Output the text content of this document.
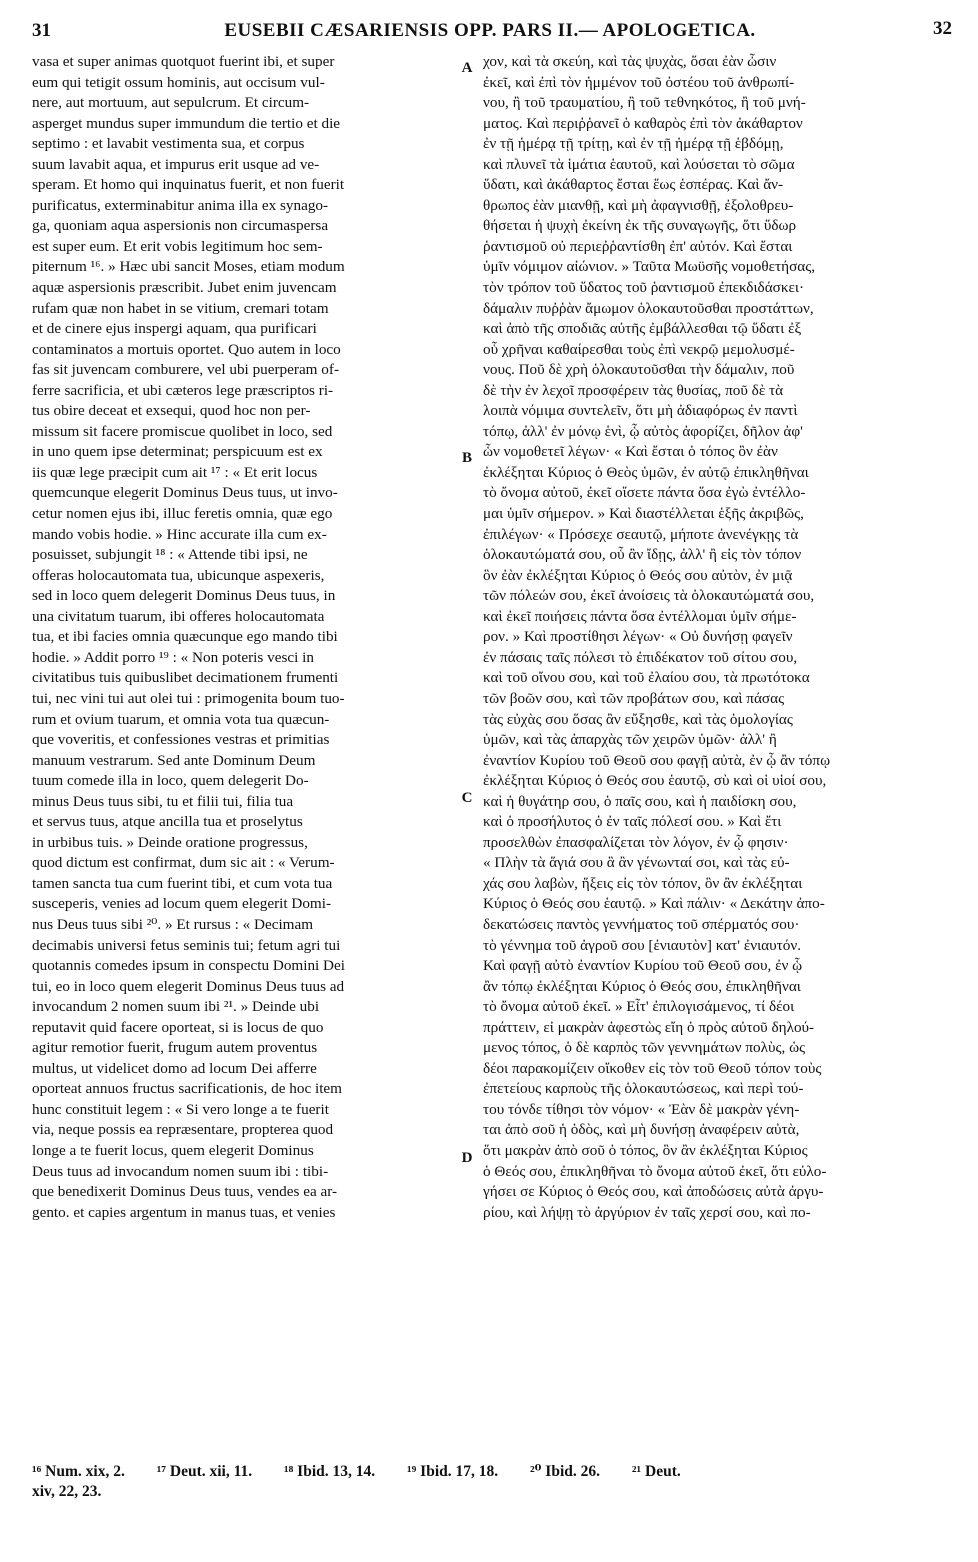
31	EUSEBII CÆSARIENSIS OPP. PARS II.— APOLOGETICA.	32
vasa et super animas quotquot fuerint ibi, et super
eum qui tetigit ossum hominis, aut occisum vul-
nere, aut mortuum, aut sepulcrum. Et circum-
asperget mundus super immundum die tertio et die
septimo : et lavabit vestimenta sua, et corpus
suum lavabit aqua, et impurus erit usque ad ve-
speram. Et homo qui inquinatus fuerit, et non fuerit
purificatus, exterminabitur anima illa ex synago-
ga, quoniam aqua aspersionis non circumaspersa
est super eum. Et erit vobis legitimum hoc sem-
piternum ¹⁶. » Hæc ubi sancit Moses, etiam modum
aquæ aspersionis præscribit. Jubet enim juvencam
rufam quæ non habet in se vitium, cremari totam
et de cinere ejus inspergi aquam, qua purificari
contaminatos a mortuis oportet. Quo autem in loco
fas sit juvencam comburere, vel ubi puerperam of-
ferre sacrificia, et ubi cæteros lege præscriptos ri-
tus obire deceat et exsequi, quod hoc non per-
missum sit facere promiscue quolibet in loco, sed
in uno quem ipse determinat; perspicuum est ex
iis quæ lege præcipit cum ait ¹⁷ : « Et erit locus
quemcunque elegerit Dominus Deus tuus, ut invo-
cetur nomen ejus ibi, illuc feretis omnia, quæ ego
mando vobis hodie. » Hinc accurate illa cum ex-
posuisset, subjungit ¹⁸ : « Attende tibi ipsi, ne
offeras holocautomata tua, ubicunque aspexeris,
sed in loco quem delegerit Dominus Deus tuus, in
una civitatum tuarum, ibi offeres holocautomata
tua, et ibi facies omnia quæcunque ego mando tibi
hodie. » Addit porro ¹⁹ : « Non poteris vesci in
civitatibus tuis quibuslibet decimationem frumenti
tui, nec vini tui aut olei tui : primogenita boum tuo-
rum et ovium tuarum, et omnia vota tua quæcun-
que voveritis, et confessiones vestras et primitias
manuum vestrarum. Sed ante Dominum Deum
tuum comede illa in loco, quem delegerit Do-
minus Deus tuus sibi, tu et filii tui, filia tua
et servus tuus, atque ancilla tua et proselytus
in urbibus tuis. » Deinde oratione progressus,
quod dictum est confirmat, dum sic ait : « Verum-
tamen sancta tua cum fuerint tibi, et cum vota tua
susceperis, venies ad locum quem elegerit Domi-
nus Deus tuus sibi ²⁰. » Et rursus : « Decimam
decimabis universi fetus seminis tui; fetum agri tui
quotannis comedes ipsum in conspectu Domini Dei
tui, eo in loco quem elegerit Dominus Deus tuus ad
invocandum 2 nomen suum ibi ²¹. » Deinde ubi
reputavit quid facere oporteat, si is locus de quo
agitur remotior fuerit, frugum autem proventus
multus, ut videlicet domo ad locum Dei afferre
oporteat annuos fructus sacrificationis, de hoc item
hunc constituit legem : « Si vero longe a te fuerit
via, neque possis ea repræsentare, propterea quod
longe a te fuerit locus, quem elegerit Dominus
Deus tuus ad invocandum nomen suum ibi : tibi-
que benedixerit Dominus Deus tuus, vendes ea ar-
gento. et capies argentum in manus tuas, et venies
χον, καὶ τὰ σκεύη, καὶ τὰς ψυχὰς, ὅσαι ἐὰν ὦσιν
ἐκεῖ, καὶ ἐπὶ τὸν ἡμμένον τοῦ ὀστέου τοῦ ἀνθρωπί-
νου, ἢ τοῦ τραυματίου, ἢ τοῦ τεθνηκότος, ἢ τοῦ μνή-
ματος. Καὶ περιῤῥανεῖ ὁ καθαρὸς ἐπὶ τὸν ἀκάθαρτον
ἐν τῇ ἡμέρᾳ τῇ τρίτῃ, καὶ ἐν τῇ ἡμέρᾳ τῇ ἑβδόμῃ,
καὶ πλυνεῖ τὰ ἱμάτια ἑαυτοῦ, καὶ λούσεται τὸ σῶμα
ὕδατι, καὶ ἀκάθαρτος ἔσται ἕως ἑσπέρας. Καὶ ἄν-
θρωπος ἐὰν μιανθῇ, καὶ μὴ ἀφαγνισθῇ, ἐξολοθρευ-
θήσεται ἡ ψυχὴ ἐκείνη ἐκ τῆς συναγωγῆς, ὅτι ὕδωρ
ῥαντισμοῦ οὐ περιεῤῥαντίσθη ἐπ' αὐτόν. Καὶ ἔσται
ὑμῖν νόμιμον αἰώνιον. » Ταῦτα Μωϋσῆς νομοθετήσας,
τὸν τρόπον τοῦ ὕδατος τοῦ ῥαντισμοῦ ἐπεκδιδάσκει·
δάμαλιν πυῤῥὰν ἄμωμον ὁλοκαυτοῦσθαι προστάττων,
καὶ ἀπὸ τῆς σποδιᾶς αὐτῆς ἐμβάλλεσθαι τῷ ὕδατι ἐξ
οὗ χρῆναι καθαίρεσθαι τοὺς ἐπὶ νεκρῷ μεμολυσμέ-
νους. Ποῦ δὲ χρὴ ὁλοκαυτοῦσθαι τὴν δάμαλιν, ποῦ
δὲ τὴν ἐν λεχοῖ προσφέρειν τὰς θυσίας, ποῦ δὲ τὰ
λοιπὰ νόμιμα συντελεῖν, ὅτι μὴ ἀδιαφόρως ἐν παντὶ
τόπῳ, ἀλλ' ἐν μόνῳ ἑνὶ, ᾧ αὐτὸς ἀφορίζει, δῆλον ἀφ'
ὧν νομοθετεῖ λέγων· « Καὶ ἔσται ὁ τόπος ὃν ἐὰν
ἐκλέξηται Κύριος ὁ Θεὸς ὑμῶν, ἐν αὐτῷ ἐπικληθῆναι
τὸ ὄνομα αὐτοῦ, ἐκεῖ οἴσετε πάντα ὅσα ἐγὼ ἐντέλλο-
μαι ὑμῖν σήμερον. » Καὶ διαστέλλεται ἑξῆς ἀκριβῶς,
ἐπιλέγων· « Πρόσεχε σεαυτῷ, μήποτε ἀνενέγκῃς τὰ
ὁλοκαυτώματά σου, οὗ ἂν ἴδῃς, ἀλλ' ἢ εἰς τὸν τόπον
ὃν ἐὰν ἐκλέξηται Κύριος ὁ Θεός σου αὐτὸν, ἐν μιᾷ
τῶν πόλεών σου, ἐκεῖ ἀνοίσεις τὰ ὁλοκαυτώματά σου,
καὶ ἐκεῖ ποιήσεις πάντα ὅσα ἐντέλλομαι ὑμῖν σήμε-
ρον. » Καὶ προστίθησι λέγων· « Οὐ δυνήσῃ φαγεῖν
ἐν πάσαις ταῖς πόλεσι τὸ ἐπιδέκατον τοῦ σίτου σου,
καὶ τοῦ οἴνου σου, καὶ τοῦ ἐλαίου σου, τὰ πρωτότοκα
τῶν βοῶν σου, καὶ τῶν προβάτων σου, καὶ πάσας
τὰς εὐχὰς σου ὅσας ἂν εὔξησθε, καὶ τὰς ὁμολογίας
ὑμῶν, καὶ τὰς ἀπαρχὰς τῶν χειρῶν ὑμῶν· ἀλλ' ἢ
ἐναντίον Κυρίου τοῦ Θεοῦ σου φαγῇ αὐτὰ, ἐν ᾧ ἂν τόπῳ
ἐκλέξηται Κύριος ὁ Θεός σου ἑαυτῷ, σὺ καὶ οἱ υἱοί σου,
καὶ ἡ θυγάτηρ σου, ὁ παῖς σου, καὶ ἡ παιδίσκη σου,
καὶ ὁ προσήλυτος ὁ ἐν ταῖς πόλεσί σου. » Καὶ ἔτι
προσελθὼν ἐπασφαλίζεται τὸν λόγον, ἐν ᾧ φησιν·
« Πλὴν τὰ ἅγιά σου ἃ ἂν γένωνταί σοι, καὶ τὰς εὐ-
χάς σου λαβὼν, ἥξεις εἰς τὸν τόπον, ὃν ἂν ἐκλέξηται
Κύριος ὁ Θεός σου ἑαυτῷ. » Καὶ πάλιν· « Δεκάτην ἀπο-
δεκατώσεις παντὸς γεννήματος τοῦ σπέρματός σου·
τὸ γέννημα τοῦ ἀγροῦ σου [ἐνιαυτὸν] κατ' ἐνιαυτόν.
Καὶ φαγῇ αὐτὸ ἐναντίον Κυρίου τοῦ Θεοῦ σου, ἐν ᾧ
ἂν τόπῳ ἐκλέξηται Κύριος ὁ Θεός σου, ἐπικληθῆναι
τὸ ὄνομα αὐτοῦ ἐκεῖ. » Εἶτ' ἐπιλογισάμενος, τί δέοι
πράττειν, εἰ μακρὰν ἀφεστὼς εἴη ὁ πρὸς αὐτοῦ δηλού-
μενος τόπος, ὁ δὲ καρπὸς τῶν γεννημάτων πολὺς, ὡς
δέοι παρακομίζειν οἴκοθεν εἰς τὸν τοῦ Θεοῦ τόπον τοὺς
ἐπετείους καρποὺς τῆς ὁλοκαυτώσεως, καὶ περὶ τού-
του τόνδε τίθησι τὸν νόμον· « Ἐὰν δὲ μακρὰν γένη-
ται ἀπὸ σοῦ ἡ ὁδὸς, καὶ μὴ δυνήσῃ ἀναφέρειν αὐτὰ,
ὅτι μακρὰν ἀπὸ σοῦ ὁ τόπος, ὃν ἂν ἐκλέξηται Κύριος
ὁ Θεός σου, ἐπικληθῆναι τὸ ὄνομα αὐτοῦ ἐκεῖ, ὅτι εὐλο-
γήσει σε Κύριος ὁ Θεός σου, καὶ ἀποδώσεις αὐτὰ ἀργυ-
ρίου, καὶ λήψῃ τὸ ἀργύριον ἐν ταῖς χερσί σου, καὶ πο-
A
B
C
D
¹⁶ Num. xix, 2. ¹⁷ Deut. xii, 11. ¹⁸ Ibid. 13, 14. ¹⁹ Ibid. 17, 18. ²⁰ Ibid. 26. ²¹ Deut.
xiv, 22, 23.
